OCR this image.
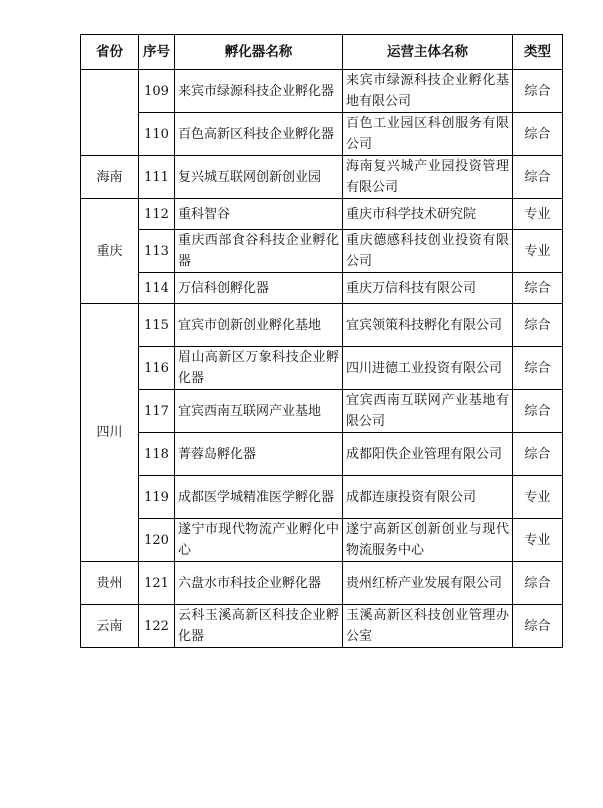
省份	序号	孵化器名称	运营主体名称	类型
	109	来宾市绿源科技企业孵化器	来宾市绿源科技企业孵化基地有限公司	综合
	110	百色高新区科技企业孵化器	百色工业园区科创服务有限公司	综合
海南	111	复兴城互联网创新创业园	海南复兴城产业园投资管理有限公司	综合
重庆	112	重科智谷	重庆市科学技术研究院	专业
	113	重庆西部食谷科技企业孵化器	重庆德感科技创业投资有限公司	专业
	114	万信科创孵化器	重庆万信科技有限公司	综合
四川	115	宜宾市创新创业孵化基地	宜宾领策科技孵化有限公司	综合
	116	眉山高新区万象科技企业孵化器	四川进德工业投资有限公司	综合
	117	宜宾西南互联网产业基地	宜宾西南互联网产业基地有限公司	综合
	118	菁蓉岛孵化器	成都阳佚企业管理有限公司	综合
	119	成都医学城精准医学孵化器	成都连康投资有限公司	专业
	120	遂宁市现代物流产业孵化中心	遂宁高新区创新创业与现代物流服务中心	专业
贵州	121	六盘水市科技企业孵化器	贵州红桥产业发展有限公司	综合
云南	122	云科玉溪高新区科技企业孵化器	玉溪高新区科技创业管理办公室	综合
